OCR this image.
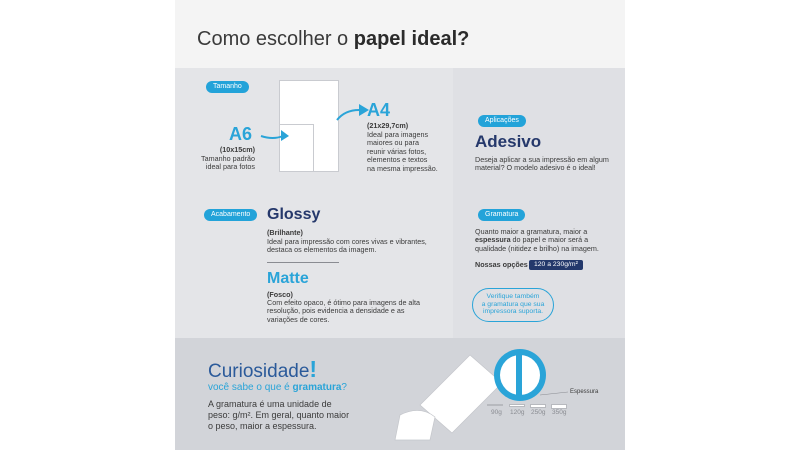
Como escolher o papel ideal?
Tamanho
A4
(21x29,7cm)
Ideal para imagens
maiores ou para
reunir várias fotos,
elementos e textos
na mesma impressão.
A6
(10x15cm)
Tamanho padrão
ideal para fotos
Acabamento	Glossy
(Brilhante)
Ideal para impressão com cores vivas e vibrantes,
destaca os elementos da imagem.
Matte
(Fosco)
Com efeito opaco, é ótimo para imagens de alta
resolução, pois evidencia a densidade e as
variações de cores.
Aplicações
Adesivo
Deseja aplicar a sua impressão em algum
material? O modelo adesivo é o ideal!
Gramatura
Quanto maior a gramatura, maior a
espessura do papel e maior será a
qualidade (nitidez e brilho) na imagem.
Nossas opções 120 a 230g/m²
Verifique também
a gramatura que sua
impressora suporta.
Curiosidade!
você sabe o que é gramatura?
A gramatura é uma unidade de
peso: g/m². Em geral, quanto maior
o peso, maior a espessura.
Espessura
90g 120g 250g 350g
